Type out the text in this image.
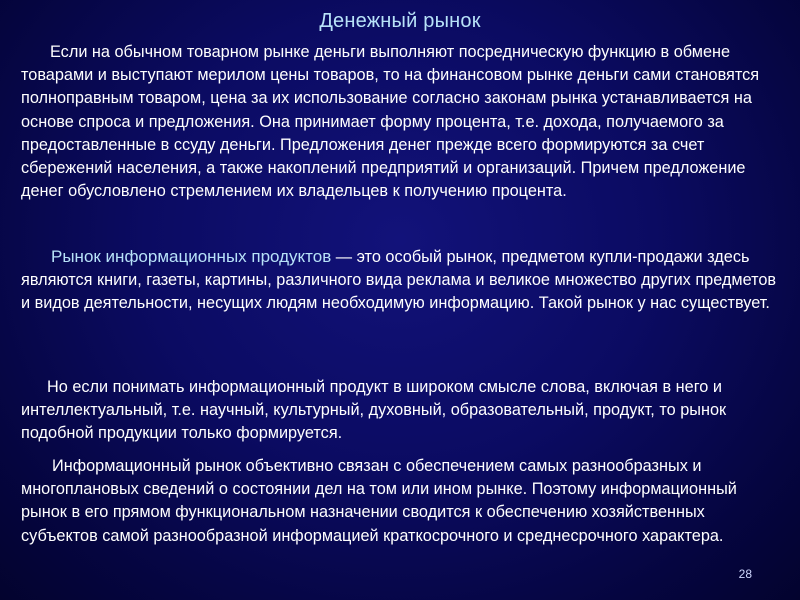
Денежный рынок

Если на обычном товарном рынке деньги выполняют посредническую функцию в обмене товарами и выступают мерилом цены товаров, то на финансовом рынке деньги сами становятся полноправным товаром, цена за их использование согласно законам рынка устанавливается на основе спроса и предложения. Она принимает форму процента, т.е. дохода, получаемого за предоставленные в ссуду деньги. Предложения денег прежде всего формируются за счет сбережений населения, а также накоплений предприятий и организаций. Причем предложение денег обусловлено стремлением их владельцев к получению процента.

Рынок информационных продуктов — это особый рынок, предметом купли-продажи здесь являются книги, газеты, картины, различного вида реклама и великое множество других предметов и видов деятельности, несущих людям необходимую информацию. Такой рынок у нас существует.

Но если понимать информационный продукт в широком смысле слова, включая в него и интеллектуальный, т.е. научный, культурный, духовный, образовательный, продукт, то рынок подобной продукции только формируется.

Информационный рынок объективно связан с обеспечением самых разнообразных и многоплановых сведений о состоянии дел на том или ином рынке. Поэтому информационный рынок в его прямом функциональном назначении сводится к обеспечению хозяйственных субъектов самой разнообразной информацией краткосрочного и среднесрочного характера.

28
